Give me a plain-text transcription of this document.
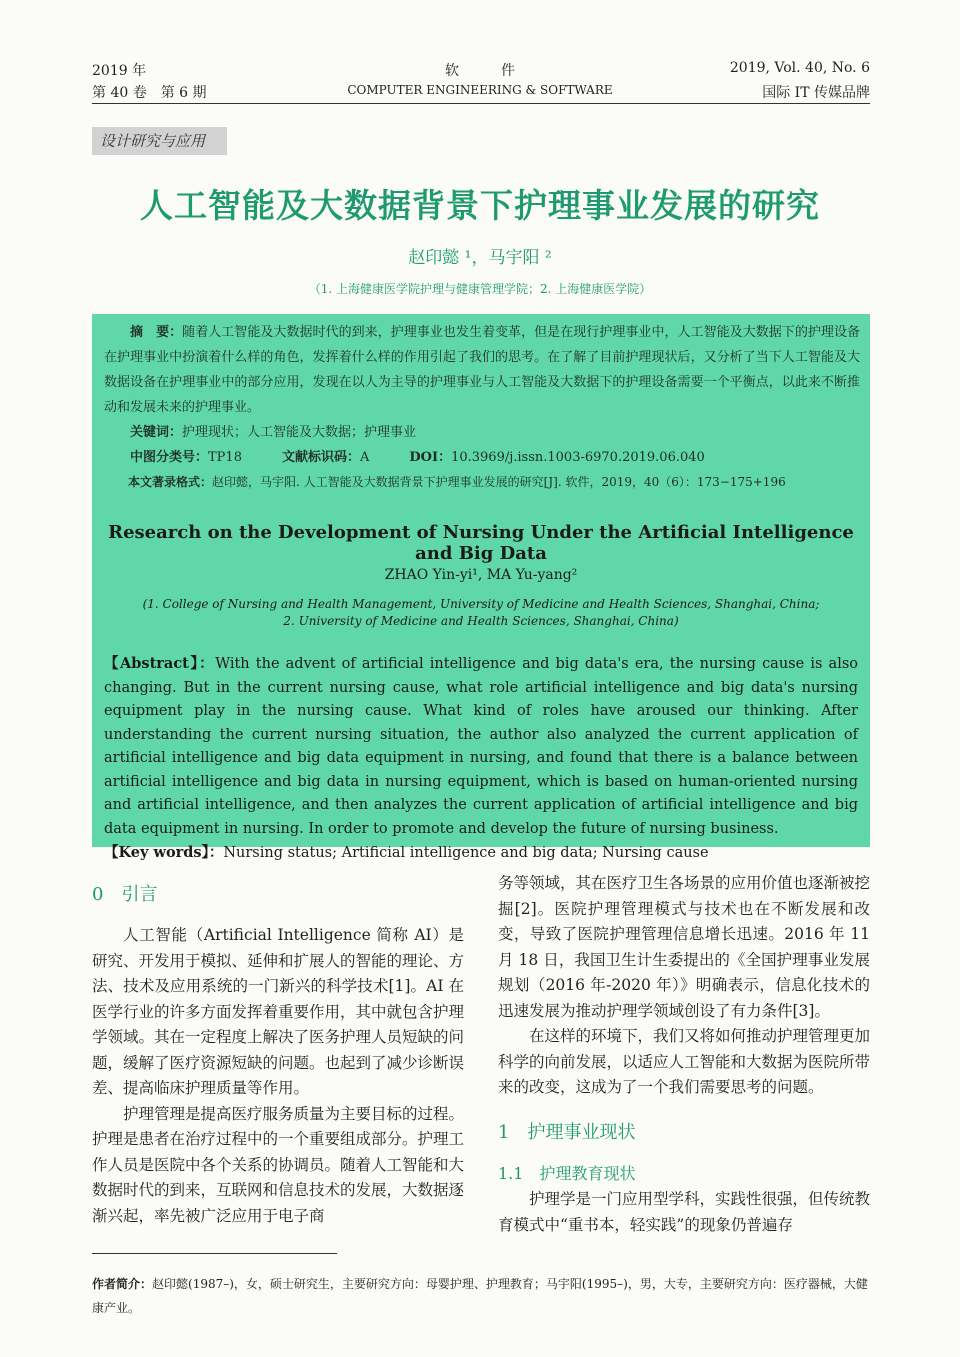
2019 年
第 40 卷　第 6 期
软　　　件
COMPUTER ENGINEERING & SOFTWARE
2019, Vol. 40, No. 6
国际 IT 传媒品牌
设计研究与应用
人工智能及大数据背景下护理事业发展的研究
赵印懿 ¹，马宇阳 ²
（1. 上海健康医学院护理与健康管理学院；2. 上海健康医学院）
摘　要：随着人工智能及大数据时代的到来，护理事业也发生着变革，但是在现行护理事业中，人工智能及大数据下的护理设备在护理事业中扮演着什么样的角色，发挥着什么样的作用引起了我们的思考。在了解了目前护理现状后，又分析了当下人工智能及大数据设备在护理事业中的部分应用，发现在以人为主导的护理事业与人工智能及大数据下的护理设备需要一个平衡点，以此来不断推动和发展未来的护理事业。
关键词：护理现状；人工智能及大数据；护理事业
中图分类号：TP18	文献标识码：A	DOI：10.3969/j.issn.1003-6970.2019.06.040
本文著录格式：赵印懿，马宇阳. 人工智能及大数据背景下护理事业发展的研究[J]. 软件，2019，40（6）：173−175+196
Research on the Development of Nursing Under the Artificial Intelligence and Big Data
ZHAO Yin-yi¹, MA Yu-yang²
(1. College of Nursing and Health Management, University of Medicine and Health Sciences, Shanghai, China;
2. University of Medicine and Health Sciences, Shanghai, China)
【Abstract】：With the advent of artificial intelligence and big data's era, the nursing cause is also changing. But in the current nursing cause, what role artificial intelligence and big data's nursing equipment play in the nursing cause. What kind of roles have aroused our thinking. After understanding the current nursing situation, the author also analyzed the current application of artificial intelligence and big data equipment in nursing, and found that there is a balance between artificial intelligence and big data in nursing equipment, which is based on human-oriented nursing and artificial intelligence, and then analyzes the current application of artificial intelligence and big data equipment in nursing. In order to promote and develop the future of nursing business.
【Key words】：Nursing status; Artificial intelligence and big data; Nursing cause
0　引言

人工智能（Artificial Intelligence 简称 AI）是研究、开发用于模拟、延伸和扩展人的智能的理论、方法、技术及应用系统的一门新兴的科学技术[1]。AI 在医学行业的许多方面发挥着重要作用，其中就包含护理学领域。其在一定程度上解决了医务护理人员短缺的问题，缓解了医疗资源短缺的问题。也起到了减少诊断误差、提高临床护理质量等作用。

护理管理是提高医疗服务质量为主要目标的过程。护理是患者在治疗过程中的一个重要组成部分。护理工作人员是医院中各个关系的协调员。随着人工智能和大数据时代的到来，互联网和信息技术的发展，大数据逐渐兴起，率先被广泛应用于电子商

务等领域，其在医疗卫生各场景的应用价值也逐渐被挖掘[2]。医院护理管理模式与技术也在不断发展和改变，导致了医院护理管理信息增长迅速。2016 年 11 月 18 日，我国卫生计生委提出的《全国护理事业发展规划（2016 年-2020 年）》明确表示，信息化技术的迅速发展为推动护理学领域创设了有力条件[3]。

在这样的环境下，我们又将如何推动护理管理更加科学的向前发展，以适应人工智能和大数据为医院所带来的改变，这成为了一个我们需要思考的问题。

1　护理事业现状
1.1　护理教育现状

护理学是一门应用型学科，实践性很强，但传统教育模式中“重书本，轻实践”的现象仍普遍存

作者简介：赵印懿(1987–)，女，硕士研究生，主要研究方向：母婴护理、护理教育；马宇阳(1995–)，男，大专，主要研究方向：医疗器械，大健康产业。
